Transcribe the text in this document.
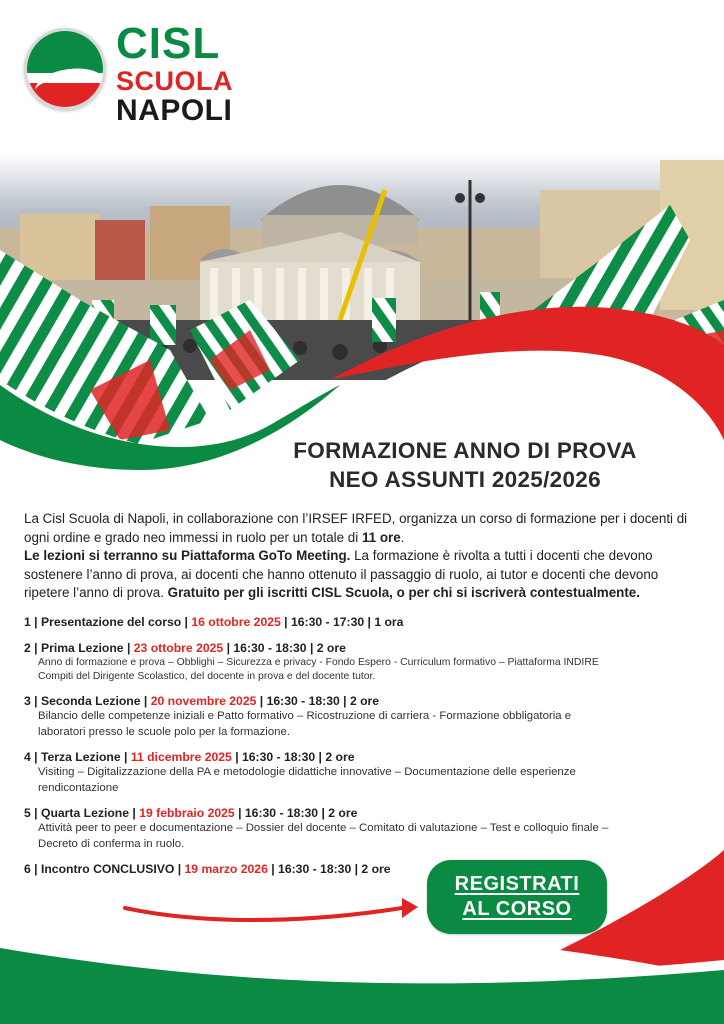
CISL
SCUOLA
NAPOLI
FORMAZIONE ANNO DI PROVA
NEO ASSUNTI 2025/2026
La Cisl Scuola di Napoli, in collaborazione con l’IRSEF IRFED, organizza un corso di formazione per i docenti di ogni ordine e grado neo immessi in ruolo per un totale di 11 ore.
Le lezioni si terranno su Piattaforma GoTo Meeting. La formazione è rivolta a tutti i docenti che devono sostenere l’anno di prova, ai docenti che hanno ottenuto il passaggio di ruolo, ai tutor e docenti che devono ripetere l’anno di prova. Gratuito per gli iscritti CISL Scuola, o per chi si iscriverà contestualmente.
1 | Presentazione del corso | 16 ottobre 2025 | 16:30 - 17:30 | 1 ora
2 | Prima Lezione | 23 ottobre 2025 | 16:30 - 18:30 | 2 ore
Anno di formazione e prova – Obblighi – Sicurezza e privacy - Fondo Espero - Curriculum formativo – Piattaforma INDIRE
Compiti del Dirigente Scolastico, del docente in prova e del docente tutor.
3 | Seconda Lezione | 20 novembre 2025 | 16:30 - 18:30 | 2 ore
Bilancio delle competenze iniziali e Patto formativo – Ricostruzione di carriera - Formazione obbligatoria e
laboratori presso le scuole polo per la formazione.
4 | Terza Lezione | 11 dicembre 2025 | 16:30 - 18:30 | 2 ore
Visiting – Digitalizzazione della PA e metodologie didattiche innovative – Documentazione delle esperienze
rendicontazione
5 | Quarta Lezione | 19 febbraio 2025 | 16:30 - 18:30 | 2 ore
Attività peer to peer e documentazione – Dossier del docente – Comitato di valutazione – Test e colloquio finale –
Decreto di conferma in ruolo.
6 | Incontro CONCLUSIVO | 19 marzo 2026 | 16:30 - 18:30 | 2 ore
REGISTRATI
AL CORSO
